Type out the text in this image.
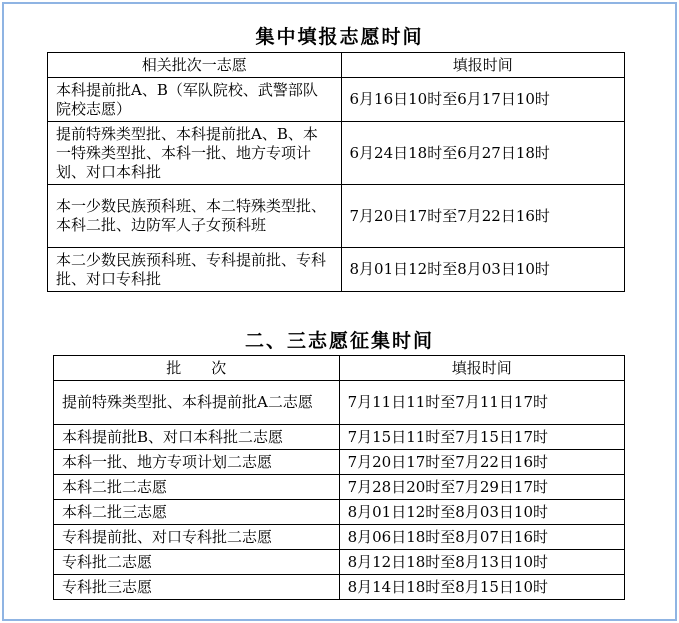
集中填报志愿时间
相关批次一志愿	填报时间
本科提前批A、B（军队院校、武警部队院校志愿）	6月16日10时至6月17日10时
提前特殊类型批、本科提前批A、B、本一特殊类型批、本科一批、地方专项计划、对口本科批	6月24日18时至6月27日18时
本一少数民族预科班、本二特殊类型批、本科二批、边防军人子女预科班	7月20日17时至7月22日16时
本二少数民族预科班、专科提前批、专科批、对口专科批	8月01日12时至8月03日10时
二、三志愿征集时间
批　　次	填报时间
提前特殊类型批、本科提前批A二志愿	7月11日11时至7月11日17时
本科提前批B、对口本科批二志愿	7月15日11时至7月15日17时
本科一批、地方专项计划二志愿	7月20日17时至7月22日16时
本科二批二志愿	7月28日20时至7月29日17时
本科二批三志愿	8月01日12时至8月03日10时
专科提前批、对口专科批二志愿	8月06日18时至8月07日16时
专科批二志愿	8月12日18时至8月13日10时
专科批三志愿	8月14日18时至8月15日10时
